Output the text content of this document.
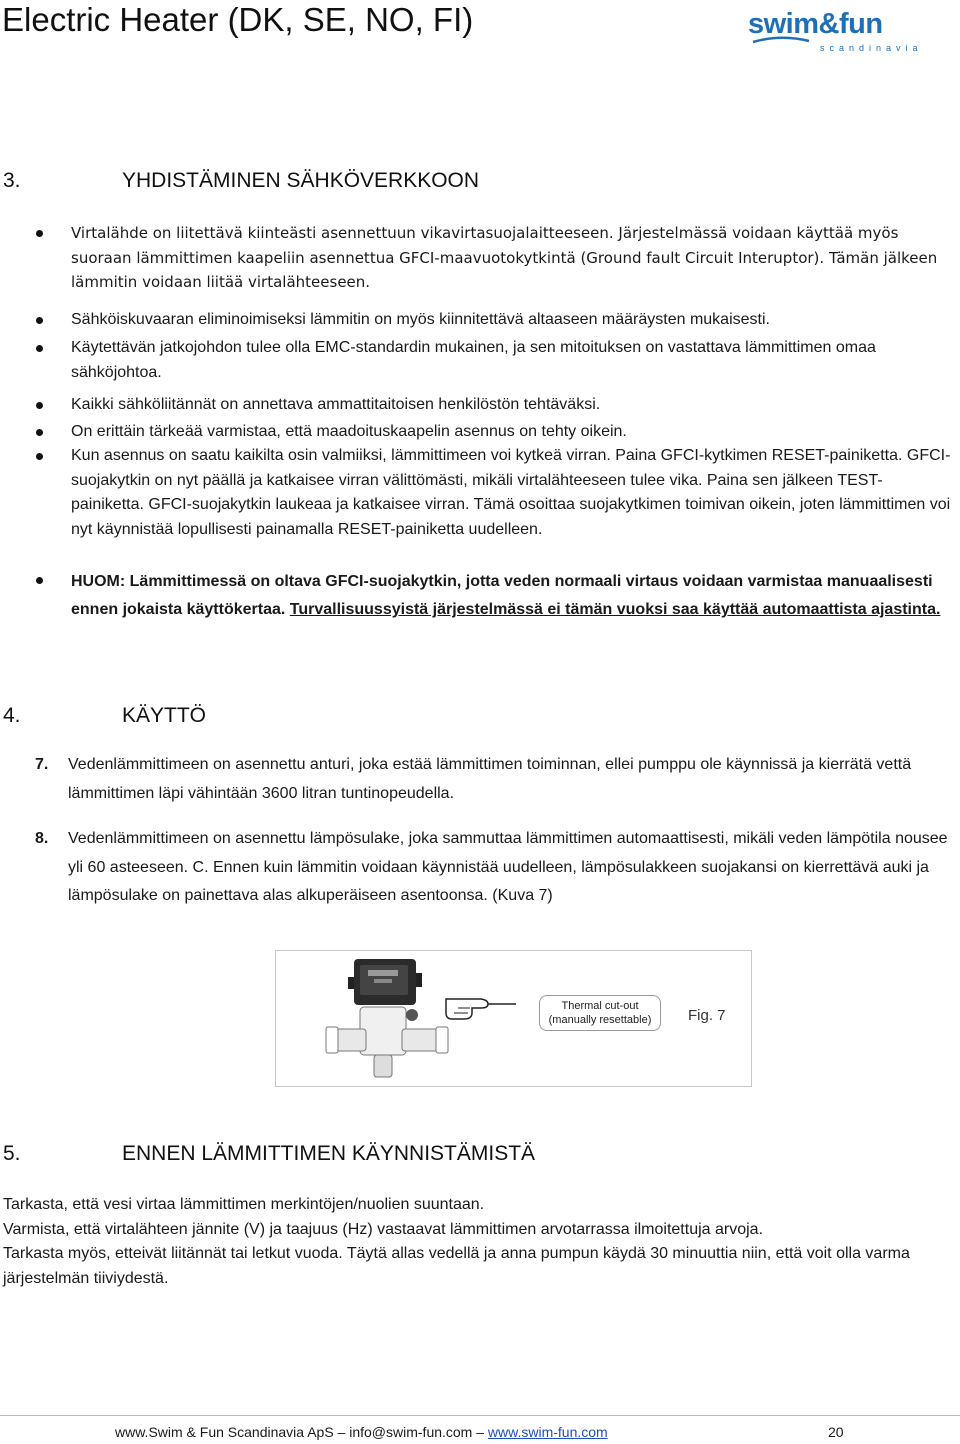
Electric Heater (DK, SE, NO, FI)	swim&fun
scandinavia
3.	YHDISTÄMINEN SÄHKÖVERKKOON
Virtalähde on liitettävä kiinteästi asennettuun vikavirtasuojalaitteeseen. Järjestelmässä voidaan käyttää myös suoraan lämmittimen kaapeliin asennettua GFCI-maavuotokytkintä (Ground fault Circuit Interuptor). Tämän jälkeen lämmitin voidaan liitää virtalähteeseen.
Sähköiskuvaaran eliminoimiseksi lämmitin on myös kiinnitettävä altaaseen määräysten mukaisesti.
Käytettävän jatkojohdon tulee olla EMC-standardin mukainen, ja sen mitoituksen on vastattava lämmittimen omaa sähköjohtoa.
Kaikki sähköliitännät on annettava ammattitaitoisen henkilöstön tehtäväksi.
On erittäin tärkeää varmistaa, että maadoituskaapelin asennus on tehty oikein.
Kun asennus on saatu kaikilta osin valmiiksi, lämmittimeen voi kytkeä virran. Paina GFCI-kytkimen RESET-painiketta. GFCI-suojakytkin on nyt päällä ja katkaisee virran välittömästi, mikäli virtalähteeseen tulee vika. Paina sen jälkeen TEST-painiketta. GFCI-suojakytkin laukeaa ja katkaisee virran. Tämä osoittaa suojakytkimen toimivan oikein, joten lämmittimen voi nyt käynnistää lopullisesti painamalla RESET-painiketta uudelleen.
HUOM: Lämmittimessä on oltava GFCI-suojakytkin, jotta veden normaali virtaus voidaan varmistaa manuaalisesti ennen jokaista käyttökertaa. Turvallisuussyistä järjestelmässä ei tämän vuoksi saa käyttää automaattista ajastinta.
4.	KÄYTTÖ
7. Vedenlämmittimeen on asennettu anturi, joka estää lämmittimen toiminnan, ellei pumppu ole käynnissä ja kierrätä vettä lämmittimen läpi vähintään 3600 litran tuntinopeudella.
8. Vedenlämmittimeen on asennettu lämpösulake, joka sammuttaa lämmittimen automaattisesti, mikäli veden lämpötila nousee yli 60 asteeseen. C. Ennen kuin lämmitin voidaan käynnistää uudelleen, lämpösulakkeen suojakansi on kierrettävä auki ja lämpösulake on painettava alas alkuperäiseen asentoonsa. (Kuva 7)
Thermal cut-out
(manually resettable)	Fig. 7
5.	ENNEN LÄMMITTIMEN KÄYNNISTÄMISTÄ
Tarkasta, että vesi virtaa lämmittimen merkintöjen/nuolien suuntaan.
Varmista, että virtalähteen jännite (V) ja taajuus (Hz) vastaavat lämmittimen arvotarrassa ilmoitettuja arvoja.
Tarkasta myös, etteivät liitännät tai letkut vuoda. Täytä allas vedellä ja anna pumpun käydä 30 minuuttia niin, että voit olla varma järjestelmän tiiviydestä.
www.Swim & Fun Scandinavia ApS – info@swim-fun.com – www.swim-fun.com	20
